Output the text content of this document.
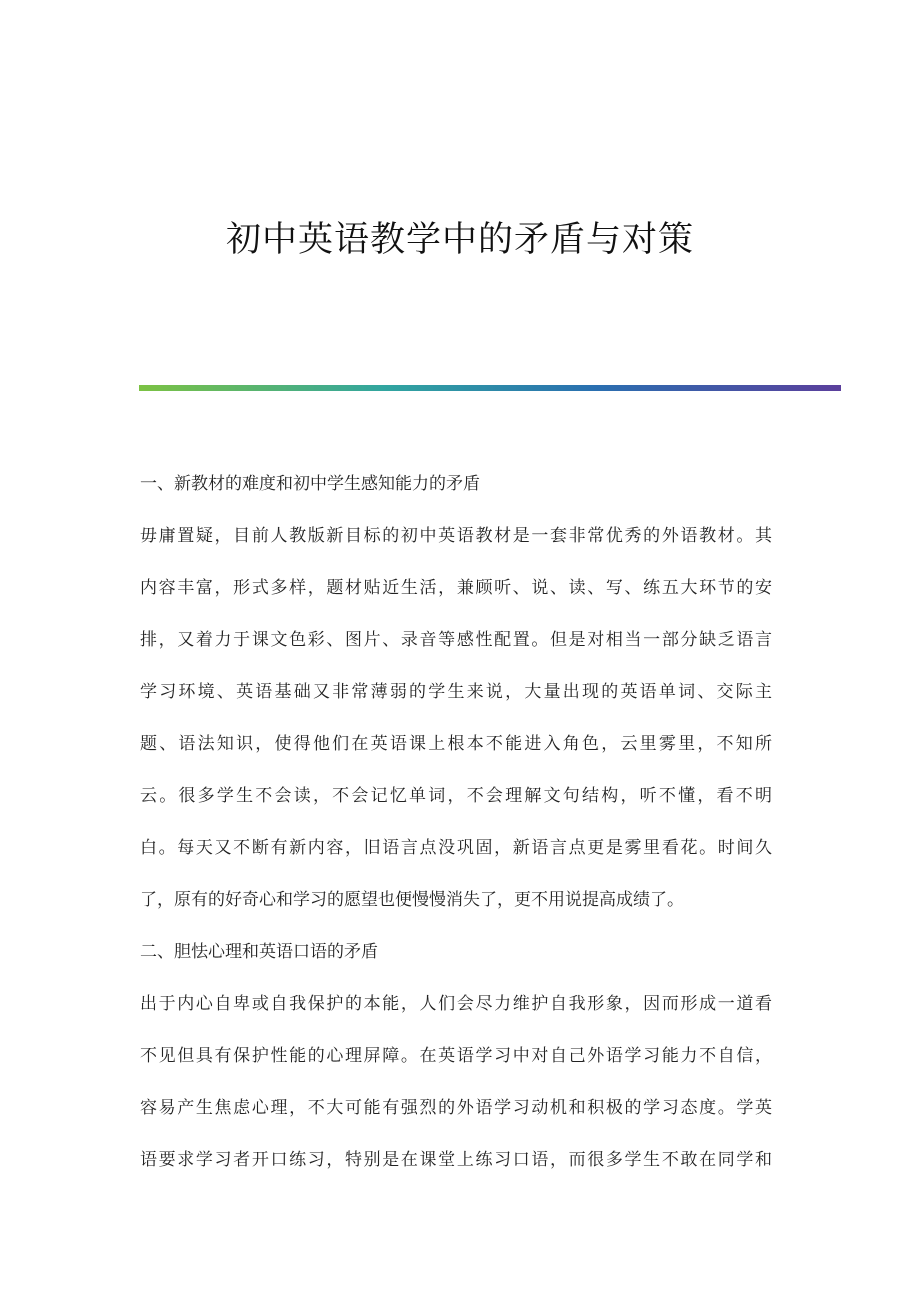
初中英语教学中的矛盾与对策
一、新教材的难度和初中学生感知能力的矛盾
毋庸置疑，目前人教版新目标的初中英语教材是一套非常优秀的外语教材。其
内容丰富，形式多样，题材贴近生活，兼顾听、说、读、写、练五大环节的安
排，又着力于课文色彩、图片、录音等感性配置。但是对相当一部分缺乏语言
学习环境、英语基础又非常薄弱的学生来说，大量出现的英语单词、交际主
题、语法知识，使得他们在英语课上根本不能进入角色，云里雾里，不知所
云。很多学生不会读，不会记忆单词，不会理解文句结构，听不懂，看不明
白。每天又不断有新内容，旧语言点没巩固，新语言点更是雾里看花。时间久
了，原有的好奇心和学习的愿望也便慢慢消失了，更不用说提高成绩了。
二、胆怯心理和英语口语的矛盾
出于内心自卑或自我保护的本能，人们会尽力维护自我形象，因而形成一道看
不见但具有保护性能的心理屏障。在英语学习中对自己外语学习能力不自信，
容易产生焦虑心理，不大可能有强烈的外语学习动机和积极的学习态度。学英
语要求学习者开口练习，特别是在课堂上练习口语，而很多学生不敢在同学和
